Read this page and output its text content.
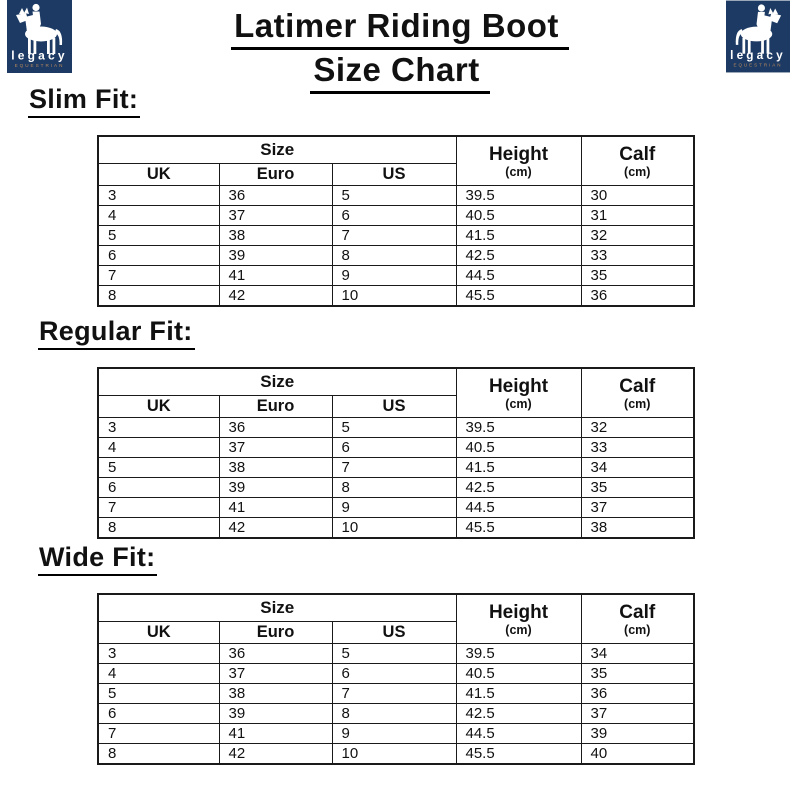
legacy
EQUESTRIAN
legacy
EQUESTRIAN
Latimer Riding Boot
Size Chart
Slim Fit:
Size	Height
(cm)

Calf
(cm)

UK	Euro	US		
3	36	5	39.5	30
4	37	6	40.5	31
5	38	7	41.5	32
6	39	8	42.5	33
7	41	9	44.5	35
8	42	10	45.5	36
Regular Fit:
Size	Height
(cm)

Calf
(cm)

UK	Euro	US		
3	36	5	39.5	32
4	37	6	40.5	33
5	38	7	41.5	34
6	39	8	42.5	35
7	41	9	44.5	37
8	42	10	45.5	38
Wide Fit:
Size	Height
(cm)

Calf
(cm)

UK	Euro	US		
3	36	5	39.5	34
4	37	6	40.5	35
5	38	7	41.5	36
6	39	8	42.5	37
7	41	9	44.5	39
8	42	10	45.5	40
